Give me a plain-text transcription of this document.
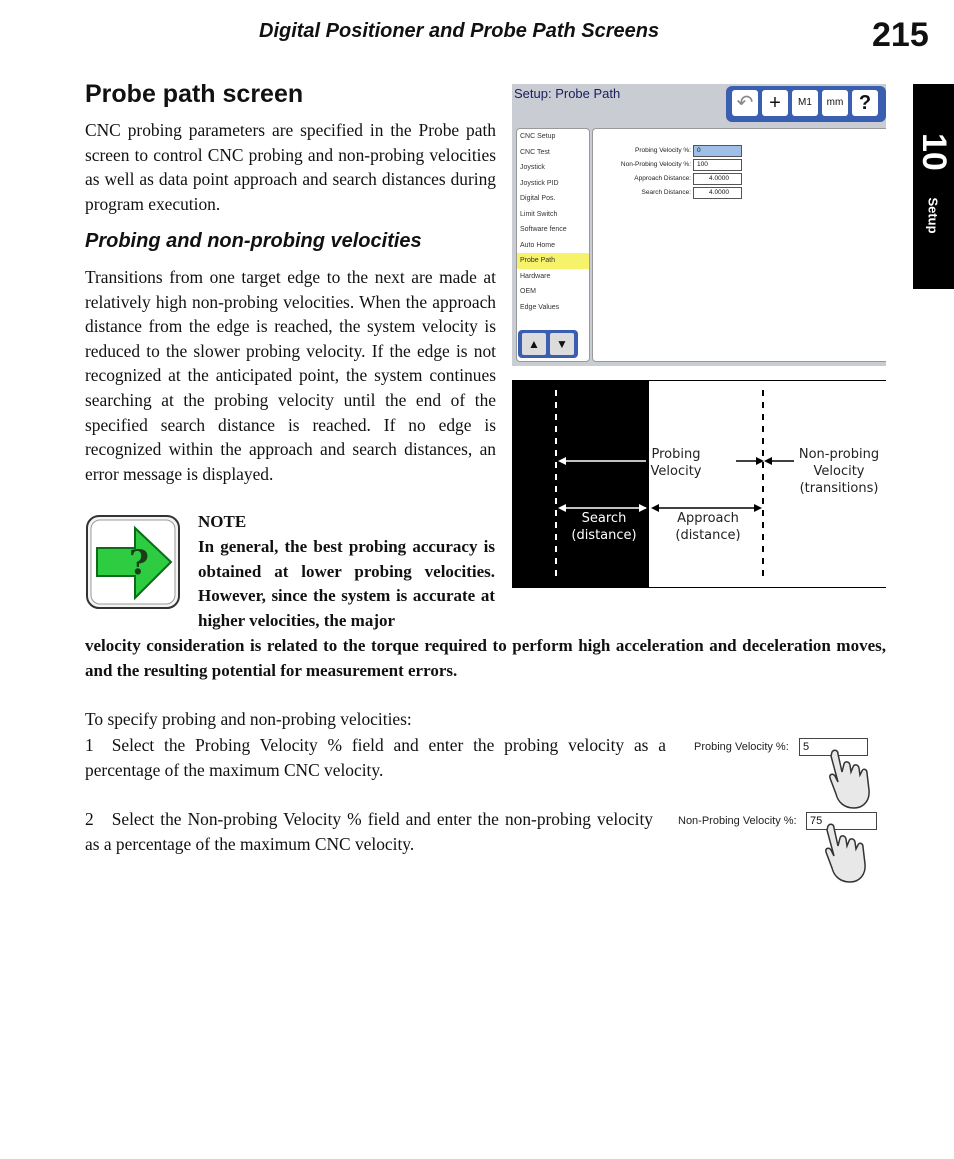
Digital Positioner and Probe Path Screens	215
10
Setup
Probe path screen

CNC probing parameters are specified in the Probe path screen to control CNC probing and non-probing velocities as well as data point approach and search distances during program execution.

Probing and non-probing velocities

Transitions from one target edge to the next are made at relatively high non-probing velocities. When the approach distance from the edge is reached, the system velocity is reduced to the slower probing velocity. If the edge is not recognized at the anticipated point, the system continues searching at the probing velocity until the end of the specified search distance is reached. If no edge is recognized within the approach and search distances, an error message is displayed.

?
NOTE
In general, the best probing accuracy is obtained at lower probing velocities. However, since the system is accurate at higher velocities, the major
velocity consideration is related to the torque required to perform high acceleration and deceleration moves, and the resulting potential for measurement errors.
Setup: Probe Path	↶ +	M1	mm ?
CNC Setup
CNC Test
Joystick
Joystick PID
Digital Pos.
Limit Switch
Software fence
Auto Home
Probe Path
Hardware
OEM
Edge Values
▲	▼
Probing Velocity %: 0
Non-Probing Velocity %: 100
Approach Distance:	4.0000
Search Distance:	4.0000
Probing
Velocity
Non-probing
Velocity
(transitions)
Search
(distance)
Approach
(distance)
To specify probing and non-probing velocities:
1 Select the Probing Velocity % field and enter the probing velocity as a percentage of the maximum CNC velocity.
2 Select the Non-probing Velocity % field and enter the non-probing velocity as a percentage of the maximum CNC velocity.
Probing Velocity %:	5
Non-Probing Velocity %:	75
